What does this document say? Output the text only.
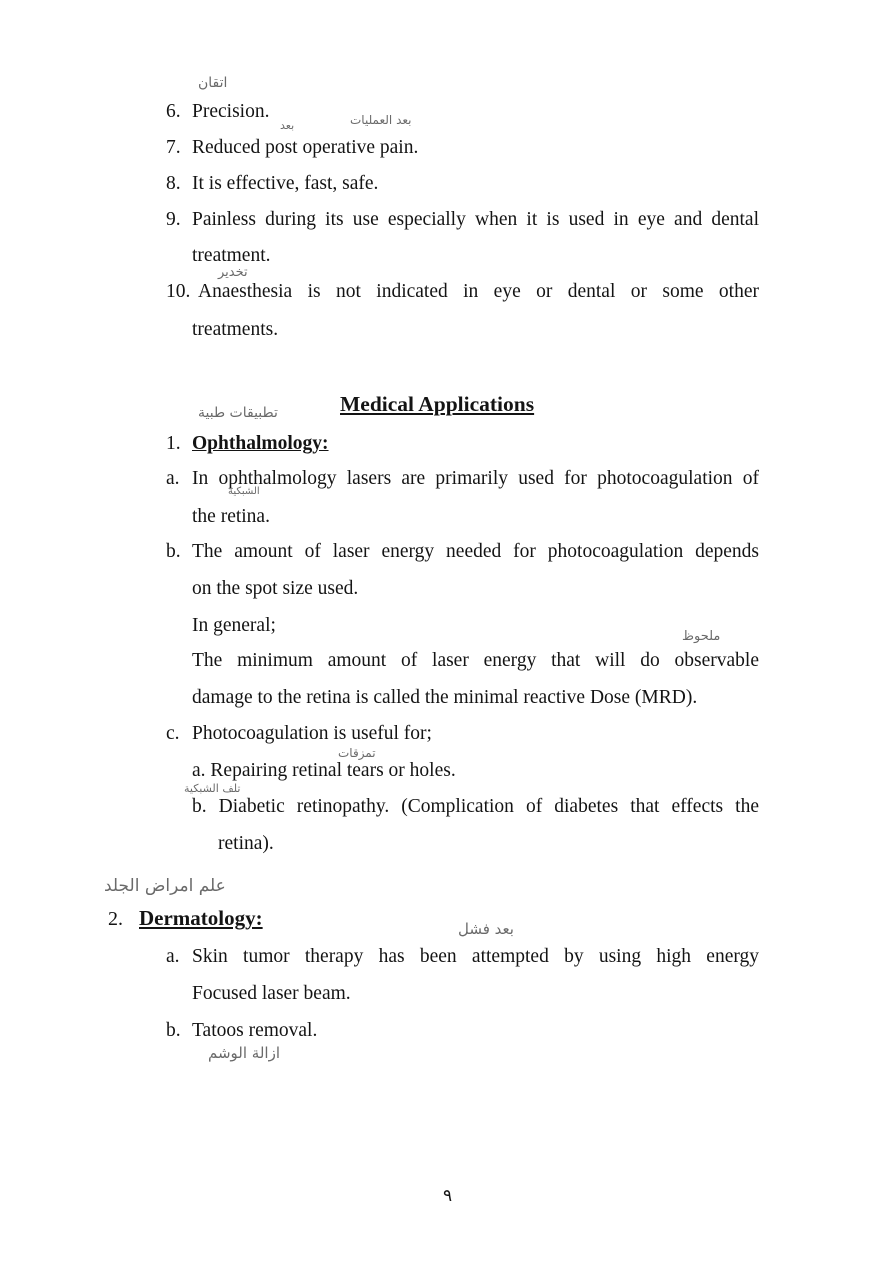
اتقان
بعد	بعد العمليات
تخدير
تطبيقات طبية
الشبكية
ملحوظ
تمزقات
تلف الشبكية
علم امراض الجلد
بعد فشل
ازالة الوشم
6. Precision.
7. Reduced post operative pain.
8. It is effective, fast, safe.
9. Painless during its use especially when it is used in eye and dental
treatment.
10. Anaesthesia is not indicated in eye or dental or some other
treatments.
Medical Applications
1. Ophthalmology:
a. In ophthalmology lasers are primarily used for photocoagulation of
the retina.
b. The amount of laser energy needed for photocoagulation depends
on the spot size used.
In general;
The minimum amount of laser energy that will do observable
damage to the retina is called the minimal reactive Dose (MRD).
c. Photocoagulation is useful for;
a. Repairing retinal tears or holes.
b. Diabetic retinopathy. (Complication of diabetes that effects the
retina).
2. Dermatology:
a. Skin tumor therapy has been attempted by using high energy
Focused laser beam.
b. Tatoos removal.
٩
